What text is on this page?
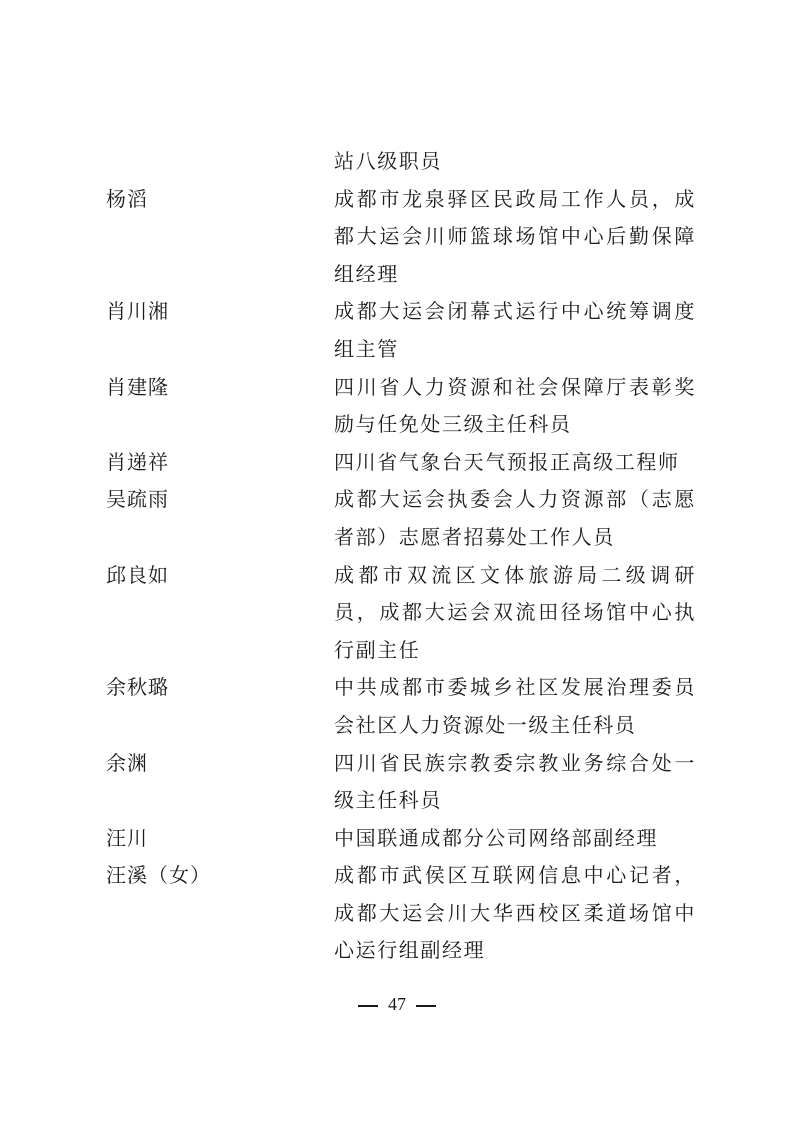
站八级职员
杨滔	成都市龙泉驿区民政局工作人员，成都大运会川师篮球场馆中心后勤保障组经理
肖川湘	成都大运会闭幕式运行中心统筹调度组主管
肖建隆	四川省人力资源和社会保障厅表彰奖励与任免处三级主任科员
肖递祥	四川省气象台天气预报正高级工程师
吴疏雨	成都大运会执委会人力资源部（志愿者部）志愿者招募处工作人员
邱良如	成都市双流区文体旅游局二级调研员，成都大运会双流田径场馆中心执行副主任
余秋璐	中共成都市委城乡社区发展治理委员会社区人力资源处一级主任科员
余渊	四川省民族宗教委宗教业务综合处一级主任科员
汪川	中国联通成都分公司网络部副经理
汪溪（女）	成都市武侯区互联网信息中心记者，成都大运会川大华西校区柔道场馆中心运行组副经理
47
